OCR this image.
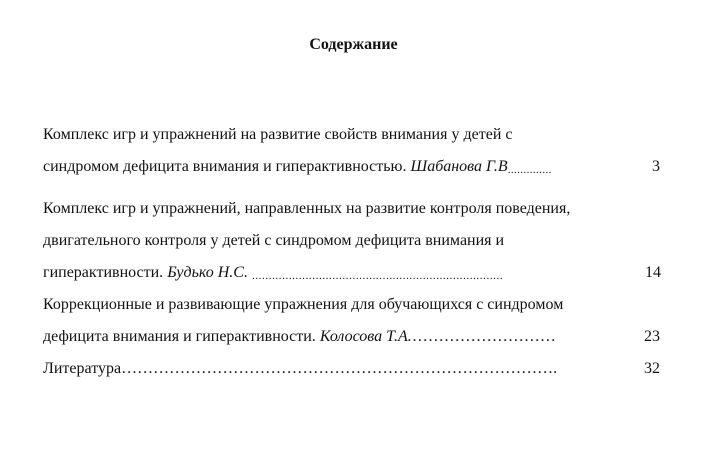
Содержание
Комплекс игр и упражнений на развитие свойств внимания у детей с
синдромом дефицита внимания и гиперактивностью. Шабанова Г.В..............	3
Комплекс игр и упражнений, направленных на развитие контроля поведения,
двигательного контроля у детей с синдромом дефицита внимания и
гиперактивности. Будько Н.С. ...........................................................................	14
Коррекционные и развивающие упражнения для обучающихся с синдромом
дефицита внимания и гиперактивности. Колосова Т.А.………………………	23
Литература……………………………………………………………………….	32
